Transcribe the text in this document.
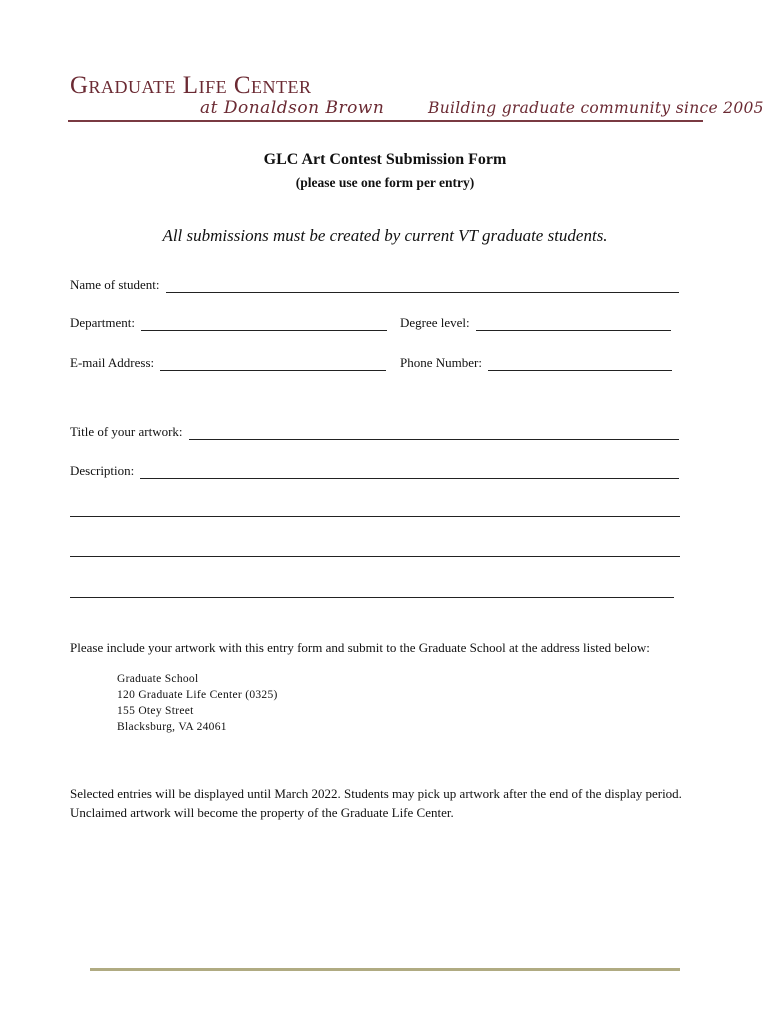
Graduate Life Center
at Donaldson Brown	Building graduate community since 2005
GLC Art Contest Submission Form
(please use one form per entry)
All submissions must be created by current VT graduate students.
Name of student:
Department:	Degree level:
E-mail Address:	Phone Number:
Title of your artwork:
Description:
Please include your artwork with this entry form and submit to the Graduate School at the address listed below:
Graduate School
120 Graduate Life Center (0325)
155 Otey Street
Blacksburg, VA 24061
Selected entries will be displayed until March 2022. Students may pick up artwork after the end of the display period. Unclaimed artwork will become the property of the Graduate Life Center.
